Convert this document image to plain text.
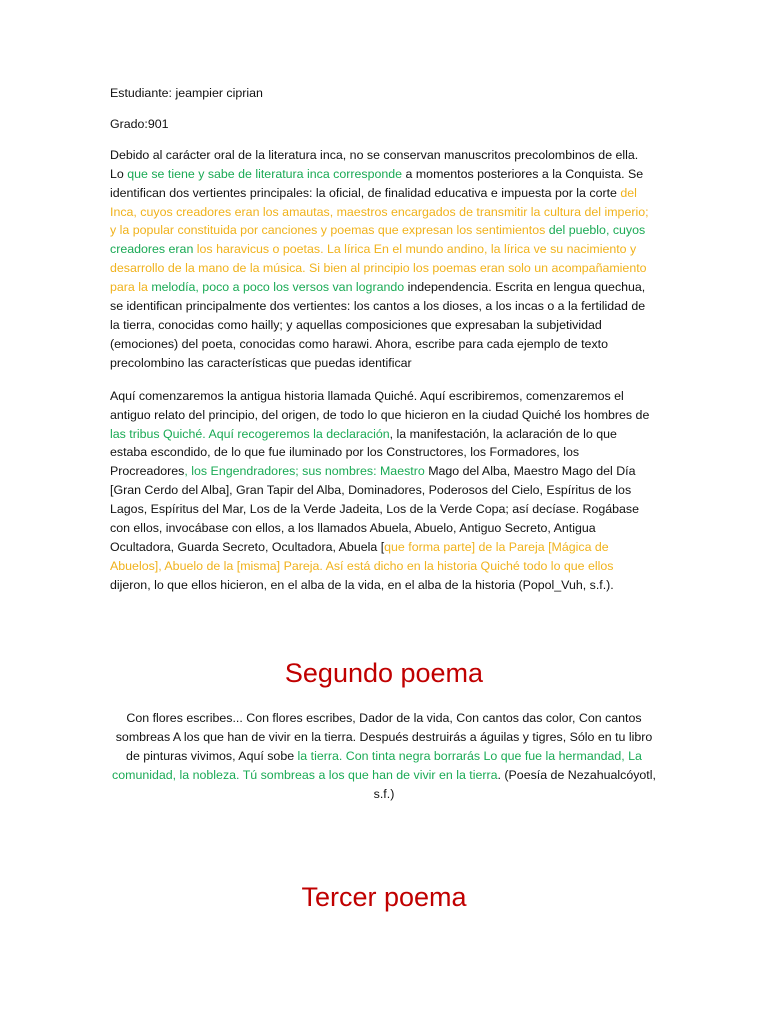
Estudiante: jeampier ciprian

Grado:901

Debido al carácter oral de la literatura inca, no se conservan manuscritos precolombinos de ella. Lo que se tiene y sabe de literatura inca corresponde a momentos posteriores a la Conquista. Se identifican dos vertientes principales: la oficial, de finalidad educativa e impuesta por la corte del Inca, cuyos creadores eran los amautas, maestros encargados de transmitir la cultura del imperio; y la popular constituida por canciones y poemas que expresan los sentimientos del pueblo, cuyos creadores eran los haravicus o poetas. La lírica En el mundo andino, la lírica ve su nacimiento y desarrollo de la mano de la música. Si bien al principio los poemas eran solo un acompañamiento para la melodía, poco a poco los versos van logrando independencia. Escrita en lengua quechua, se identifican principalmente dos vertientes: los cantos a los dioses, a los incas o a la fertilidad de la tierra, conocidas como hailly; y aquellas composiciones que expresaban la subjetividad (emociones) del poeta, conocidas como harawi. Ahora, escribe para cada ejemplo de texto precolombino las características que puedas identificar

Aquí comenzaremos la antigua historia llamada Quiché. Aquí escribiremos, comenzaremos el antiguo relato del principio, del origen, de todo lo que hicieron en la ciudad Quiché los hombres de las tribus Quiché. Aquí recogeremos la declaración, la manifestación, la aclaración de lo que estaba escondido, de lo que fue iluminado por los Constructores, los Formadores, los Procreadores, los Engendradores; sus nombres: Maestro Mago del Alba, Maestro Mago del Día [Gran Cerdo del Alba], Gran Tapir del Alba, Dominadores, Poderosos del Cielo, Espíritus de los Lagos, Espíritus del Mar, Los de la Verde Jadeita, Los de la Verde Copa; así decíase. Rogábase con ellos, invocábase con ellos, a los llamados Abuela, Abuelo, Antiguo Secreto, Antigua Ocultadora, Guarda Secreto, Ocultadora, Abuela [que forma parte] de la Pareja [Mágica de Abuelos], Abuelo de la [misma] Pareja. Así está dicho en la historia Quiché todo lo que ellos dijeron, lo que ellos hicieron, en el alba de la vida, en el alba de la historia (Popol_Vuh, s.f.).

Segundo poema

Con flores escribes... Con flores escribes, Dador de la vida, Con cantos das color, Con cantos sombreas A los que han de vivir en la tierra. Después destruirás a águilas y tigres, Sólo en tu libro de pinturas vivimos, Aquí sobe la tierra. Con tinta negra borrarás Lo que fue la hermandad, La comunidad, la nobleza. Tú sombreas a los que han de vivir en la tierra. (Poesía de Nezahualcóyotl, s.f.)

Tercer poema
